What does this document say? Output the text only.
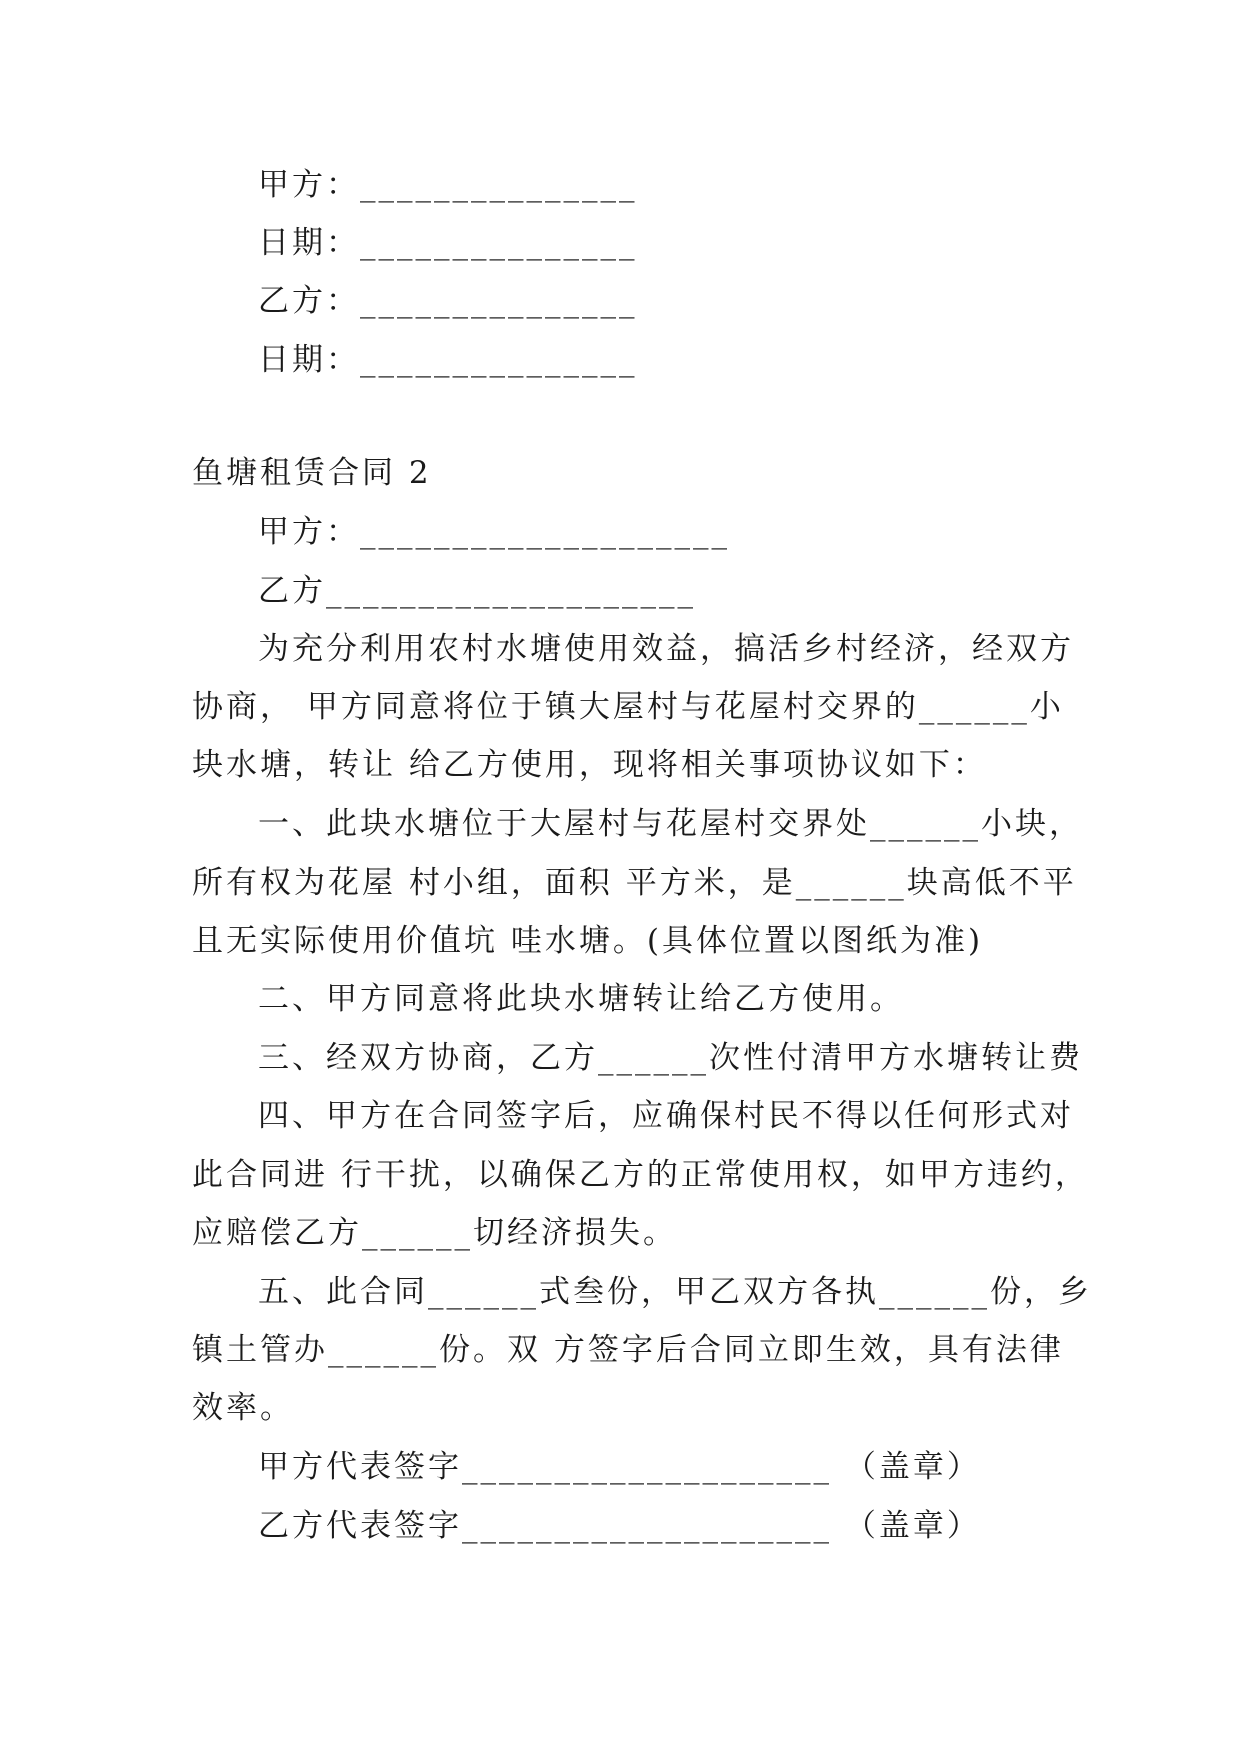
甲方：_______________
日期：_______________
乙方：_______________
日期：_______________
鱼塘租赁合同 2
甲方：____________________
乙方____________________
为充分利用农村水塘使用效益，搞活乡村经济，经双方
协商， 甲方同意将位于镇大屋村与花屋村交界的______小
块水塘，转让 给乙方使用，现将相关事项协议如下：
一、此块水塘位于大屋村与花屋村交界处______小块，
所有权为花屋 村小组，面积 平方米，是______块高低不平
且无实际使用价值坑 哇水塘。(具体位置以图纸为准)
二、甲方同意将此块水塘转让给乙方使用。
三、经双方协商，乙方______次性付清甲方水塘转让费
四、甲方在合同签字后，应确保村民不得以任何形式对
此合同进 行干扰，以确保乙方的正常使用权，如甲方违约，
应赔偿乙方______切经济损失。
五、此合同______式叁份，甲乙双方各执______份，乡
镇土管办______份。双 方签字后合同立即生效，具有法律
效率。
甲方代表签字____________________ （盖章）
乙方代表签字____________________ （盖章）
